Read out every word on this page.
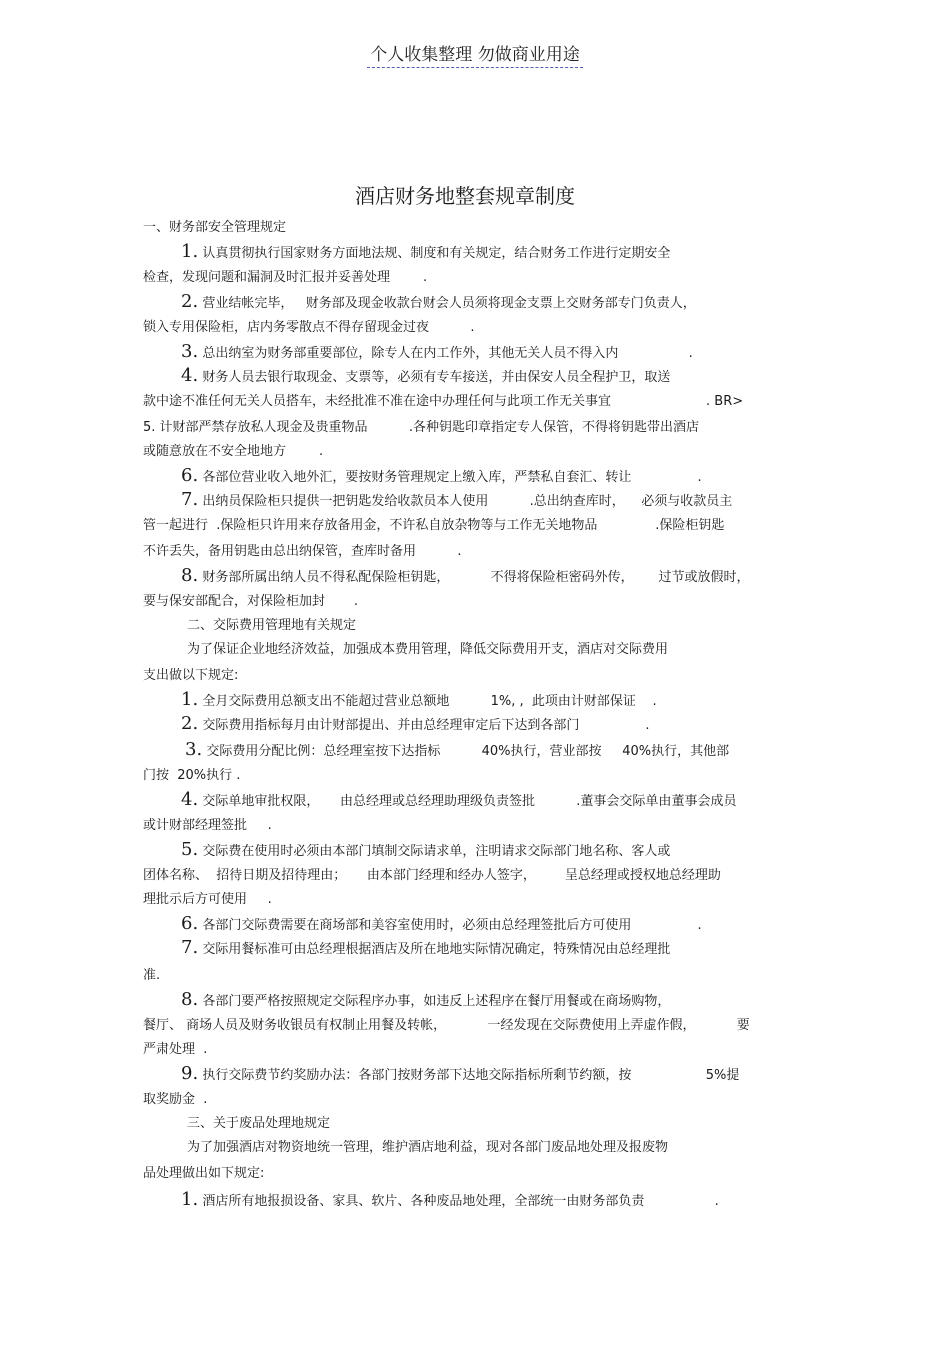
个人收集整理 勿做商业用途
酒店财务地整套规章制度
一、财务部安全管理规定
1. 认真贯彻执行国家财务方面地法规、制度和有关规定，结合财务工作进行定期安全
检查，发现问题和漏洞及时汇报并妥善处理        .
2. 营业结帐完毕，   财务部及现金收款台财会人员须将现金支票上交财务部专门负责人，
锁入专用保险柜，店内务零散点不得存留现金过夜          .
3. 总出纳室为财务部重要部位，除专人在内工作外，其他无关人员不得入内                 .
4. 财务人员去银行取现金、支票等，必须有专车接送，并由保安人员全程护卫，取送
款中途不准任何无关人员搭车，未经批准不准在途中办理任何与此项工作无关事宜                       . BR>
5. 计财部严禁存放私人现金及贵重物品          .各种钥匙印章指定专人保管，不得将钥匙带出酒店
或随意放在不安全地地方        .
6. 各部位营业收入地外汇，要按财务管理规定上缴入库，严禁私自套汇、转让                .
7. 出纳员保险柜只提供一把钥匙发给收款员本人使用          .总出纳查库时，    必须与收款员主
管一起进行  .保险柜只许用来存放备用金，不许私自放杂物等与工作无关地物品              .保险柜钥匙
不许丢失，备用钥匙由总出纳保管，查库时备用          .
8. 财务部所属出纳人员不得私配保险柜钥匙，          不得将保险柜密码外传，      过节或放假时，
要与保安部配合，对保险柜加封       .
二、交际费用管理地有关规定
为了保证企业地经济效益，加强成本费用管理，降低交际费用开支，酒店对交际费用
支出做以下规定:
1. 全月交际费用总额支出不能超过营业总额地          1%, ,  此项由计财部保证    .
2. 交际费用指标每月由计财部提出、并由总经理审定后下达到各部门                .
3. 交际费用分配比例：总经理室按下达指标          40%执行，营业部按     40%执行，其他部
门按  20%执行 .
4. 交际单地审批权限，     由总经理或总经理助理级负责签批          .董事会交际单由董事会成员
或计财部经理签批     .
5. 交际费在使用时必须由本部门填制交际请求单，注明请求交际部门地名称、客人或
团体名称、  招待日期及招待理由；     由本部门经理和经办人签字，       呈总经理或授权地总经理助
理批示后方可使用     .
6. 各部门交际费需要在商场部和美容室使用时，必须由总经理签批后方可使用                .
7. 交际用餐标准可由总经理根据酒店及所在地地实际情况确定，特殊情况由总经理批
准.
8. 各部门要严格按照规定交际程序办事，如违反上述程序在餐厅用餐或在商场购物，
餐厅、 商场人员及财务收银员有权制止用餐及转帐，          一经发现在交际费使用上弄虚作假，          要
严肃处理  .
9. 执行交际费节约奖励办法：各部门按财务部下达地交际指标所剩节约额，按                  5%提
取奖励金  .
三、关于废品处理地规定
为了加强酒店对物资地统一管理，维护酒店地利益，现对各部门废品地处理及报废物
品处理做出如下规定:
1. 酒店所有地报损设备、家具、软片、各种废品地处理，全部统一由财务部负责                 .
